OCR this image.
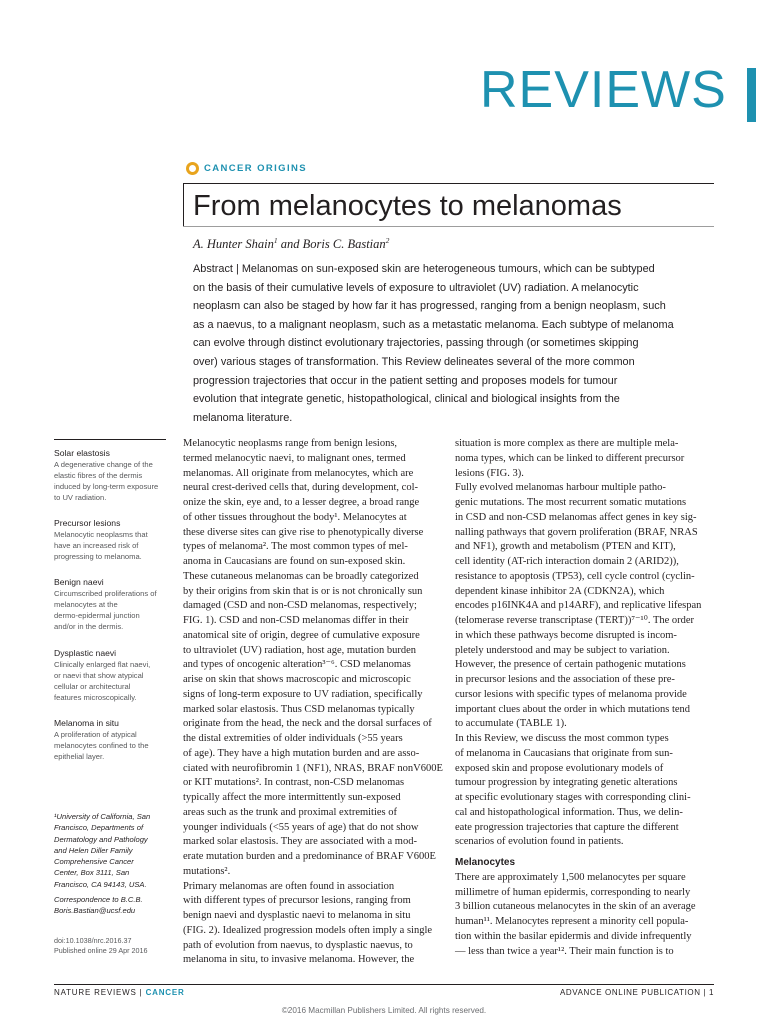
REVIEWS
CANCER ORIGINS
From melanocytes to melanomas
A. Hunter Shain$^1$ and Boris C. Bastian$^2$

Abstract | Melanomas on sun-exposed skin are heterogeneous tumours, which can be subtyped

on the basis of their cumulative levels of exposure to ultraviolet (UV) radiation. A melanocytic

neoplasm can also be staged by how far it has progressed, ranging from a benign neoplasm, such

as a naevus, to a malignant neoplasm, such as a metastatic melanoma. Each subtype of melanoma

can evolve through distinct evolutionary trajectories, passing through (or sometimes skipping

over) various stages of transformation. This Review delineates several of the more common

progression trajectories that occur in the patient setting and proposes models for tumour

evolution that integrate genetic, histopathological, clinical and biological insights from the

melanoma literature.

Solar elastosis

A degenerative change of the

elastic fibres of the dermis

induced by long-term exposure

to UV radiation.

Precursor lesions

Melanocytic neoplasms that

have an increased risk of

progressing to melanoma.

Benign naevi

Circumscribed proliferations of

melanocytes at the

dermo-epidermal junction

and/or in the dermis.

Dysplastic naevi

Clinically enlarged flat naevi,

or naevi that show atypical

cellular or architectural

features microscopically.

Melanoma in situ

A proliferation of atypical

melanocytes confined to the

epithelial layer.

¹University of California, San

Francisco, Departments of

Dermatology and Pathology

and Helen Diller Family

Comprehensive Cancer

Center, Box 3111, San

Francisco, CA 94143, USA.

Correspondence to B.C.B.

Boris.Bastian@ucsf.edu

doi:10.1038/nrc.2016.37

Published online 29 Apr 2016

Melanocytic neoplasms range from benign lesions,

termed melanocytic naevi, to malignant ones, termed

melanomas. All originate from melanocytes, which are

neural crest-derived cells that, during development, col-

onize the skin, eye and, to a lesser degree, a broad range

of other tissues throughout the body¹. Melanocytes at

these diverse sites can give rise to phenotypically diverse

types of melanoma². The most common types of mel-

anoma in Caucasians are found on sun-exposed skin.

These cutaneous melanomas can be broadly categorized

by their origins from skin that is or is not chronically sun

damaged (CSD and non-CSD melanomas, respectively;

FIG. 1). CSD and non-CSD melanomas differ in their

anatomical site of origin, degree of cumulative exposure

to ultraviolet (UV) radiation, host age, mutation burden

and types of oncogenic alteration³⁻⁶. CSD melanomas

arise on skin that shows macroscopic and microscopic

signs of long-term exposure to UV radiation, specifically

marked solar elastosis. Thus CSD melanomas typically

originate from the head, the neck and the dorsal surfaces of

the distal extremities of older individuals (>55 years

of age). They have a high mutation burden and are asso-

ciated with neurofibromin 1 (NF1), NRAS, BRAF nonV600E

or KIT mutations². In contrast, non-CSD melanomas

typically affect the more intermittently sun-exposed

areas such as the trunk and proximal extremities of

younger individuals (<55 years of age) that do not show

marked solar elastosis. They are associated with a mod-

erate mutation burden and a predominance of BRAF V600E

mutations².

Primary melanomas are often found in association

with different types of precursor lesions, ranging from

benign naevi and dysplastic naevi to melanoma in situ

(FIG. 2). Idealized progression models often imply a single

path of evolution from naevus, to dysplastic naevus, to

melanoma in situ, to invasive melanoma. However, the

situation is more complex as there are multiple mela-

noma types, which can be linked to different precursor

lesions (FIG. 3).

Fully evolved melanomas harbour multiple patho-

genic mutations. The most recurrent somatic mutations

in CSD and non-CSD melanomas affect genes in key sig-

nalling pathways that govern proliferation (BRAF, NRAS

and NF1), growth and metabolism (PTEN and KIT),

cell identity (AT-rich interaction domain 2 (ARID2)),

resistance to apoptosis (TP53), cell cycle control (cyclin-

dependent kinase inhibitor 2A (CDKN2A), which

encodes p16INK4A and p14ARF), and replicative lifespan

(telomerase reverse transcriptase (TERT))⁷⁻¹⁰. The order

in which these pathways become disrupted is incom-

pletely understood and may be subject to variation.

However, the presence of certain pathogenic mutations

in precursor lesions and the association of these pre-

cursor lesions with specific types of melanoma provide

important clues about the order in which mutations tend

to accumulate (TABLE 1).

In this Review, we discuss the most common types

of melanoma in Caucasians that originate from sun-

exposed skin and propose evolutionary models of

tumour progression by integrating genetic alterations

at specific evolutionary stages with corresponding clini-

cal and histopathological information. Thus, we delin-

eate progression trajectories that capture the different

scenarios of evolution found in patients.

Melanocytes

There are approximately 1,500 melanocytes per square

millimetre of human epidermis, corresponding to nearly

3 billion cutaneous melanocytes in the skin of an average

human¹¹. Melanocytes represent a minority cell popula-

tion within the basilar epidermis and divide infrequently

— less than twice a year¹². Their main function is to

NATURE REVIEWS | CANCER	ADVANCE ONLINE PUBLICATION | 1
©2016 Macmillan Publishers Limited. All rights reserved.
